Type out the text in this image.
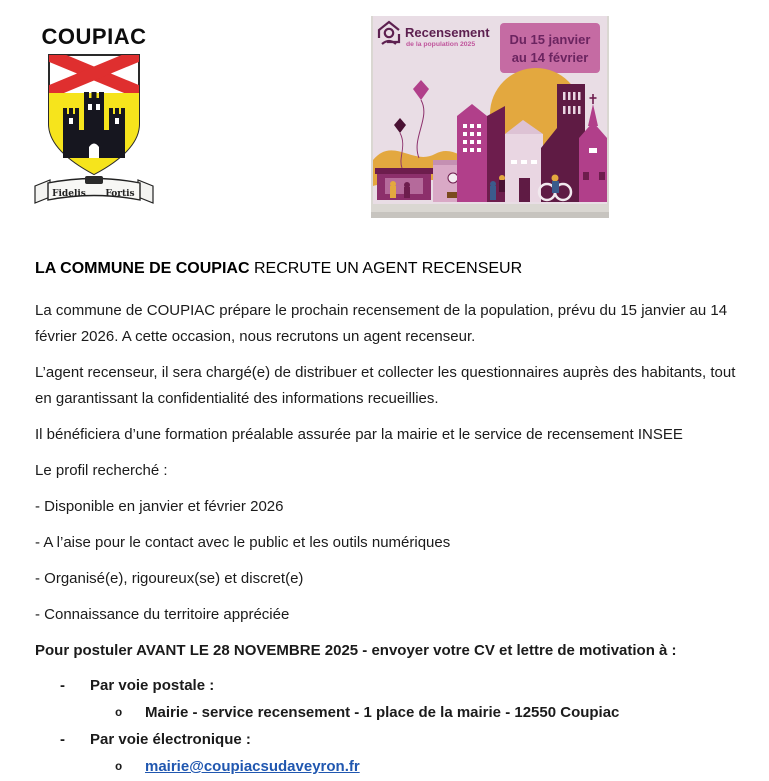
COUPIAC
Fidelis Fortis
Recensement
de la population 2025	Du 15 janvier
au 14 février
LA COMMUNE DE COUPIAC RECRUTE UN AGENT RECENSEUR

La commune de COUPIAC prépare le prochain recensement de la population, prévu du 15 janvier au 14 février 2026. A cette occasion, nous recrutons un agent recenseur.

L’agent recenseur, il sera chargé(e) de distribuer et collecter les questionnaires auprès des habitants, tout en garantissant la confidentialité des informations recueillies.

Il bénéficiera d’une formation préalable assurée par la mairie et le service de recensement INSEE

Le profil recherché :

- Disponible en janvier et février 2026

- A l’aise pour le contact avec le public et les outils numériques

- Organisé(e), rigoureux(se) et discret(e)

- Connaissance du territoire appréciée

Pour postuler AVANT LE 28 NOVEMBRE 2025 - envoyer votre CV et lettre de motivation à :

-	Par voie postale :
o	Mairie - service recensement - 1 place de la mairie - 12550 Coupiac
-	Par voie électronique :
o	mairie@coupiacsudaveyron.fr
